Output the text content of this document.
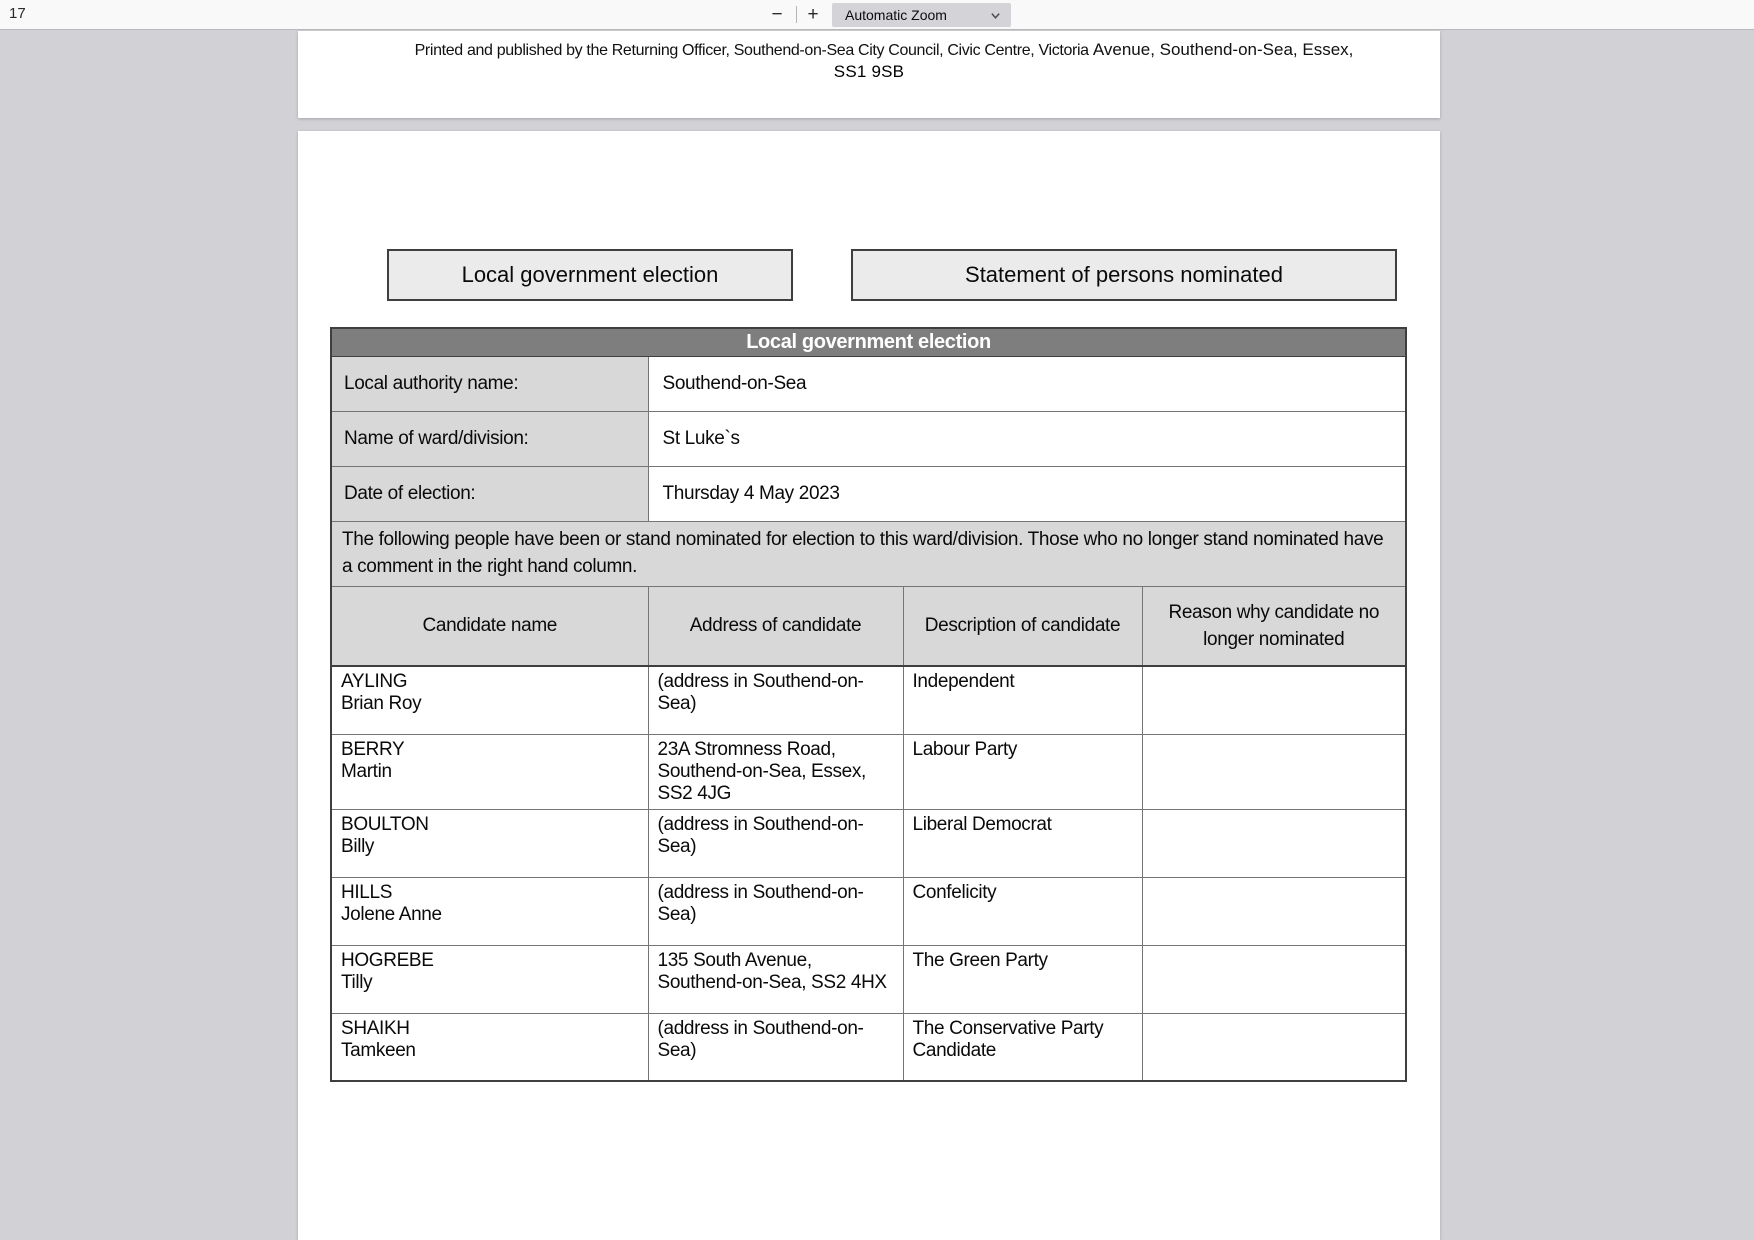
17	−	+	Automatic Zoom
Printed and published by the Returning Officer, Southend-on-Sea City Council, Civic Centre, Victoria Avenue, Southend-on-Sea, Essex,
SS1 9SB
Local government election	Statement of persons nominated
Local government election			
Local authority name:	Southend-on-Sea		
Name of ward/division:	St Luke`s		
Date of election:	Thursday 4 May 2023		
The following people have been or stand nominated for election to this ward/division. Those who no longer stand nominated have a comment in the right hand column.			
Candidate name	Address of candidate	Description of candidate	Reason why candidate no longer nominated

AYLING
Brian Roy	(address in Southend-on-Sea)	Independent	

BERRY
Martin	23A Stromness Road, Southend-on-Sea, Essex, SS2 4JG	Labour Party	

BOULTON
Billy	(address in Southend-on-Sea)	Liberal Democrat	

HILLS
Jolene Anne	(address in Southend-on-Sea)	Confelicity	

HOGREBE
Tilly	135 South Avenue, Southend-on-Sea, SS2 4HX	The Green Party	

SHAIKH
Tamkeen	(address in Southend-on-Sea)	The Conservative Party Candidate	
